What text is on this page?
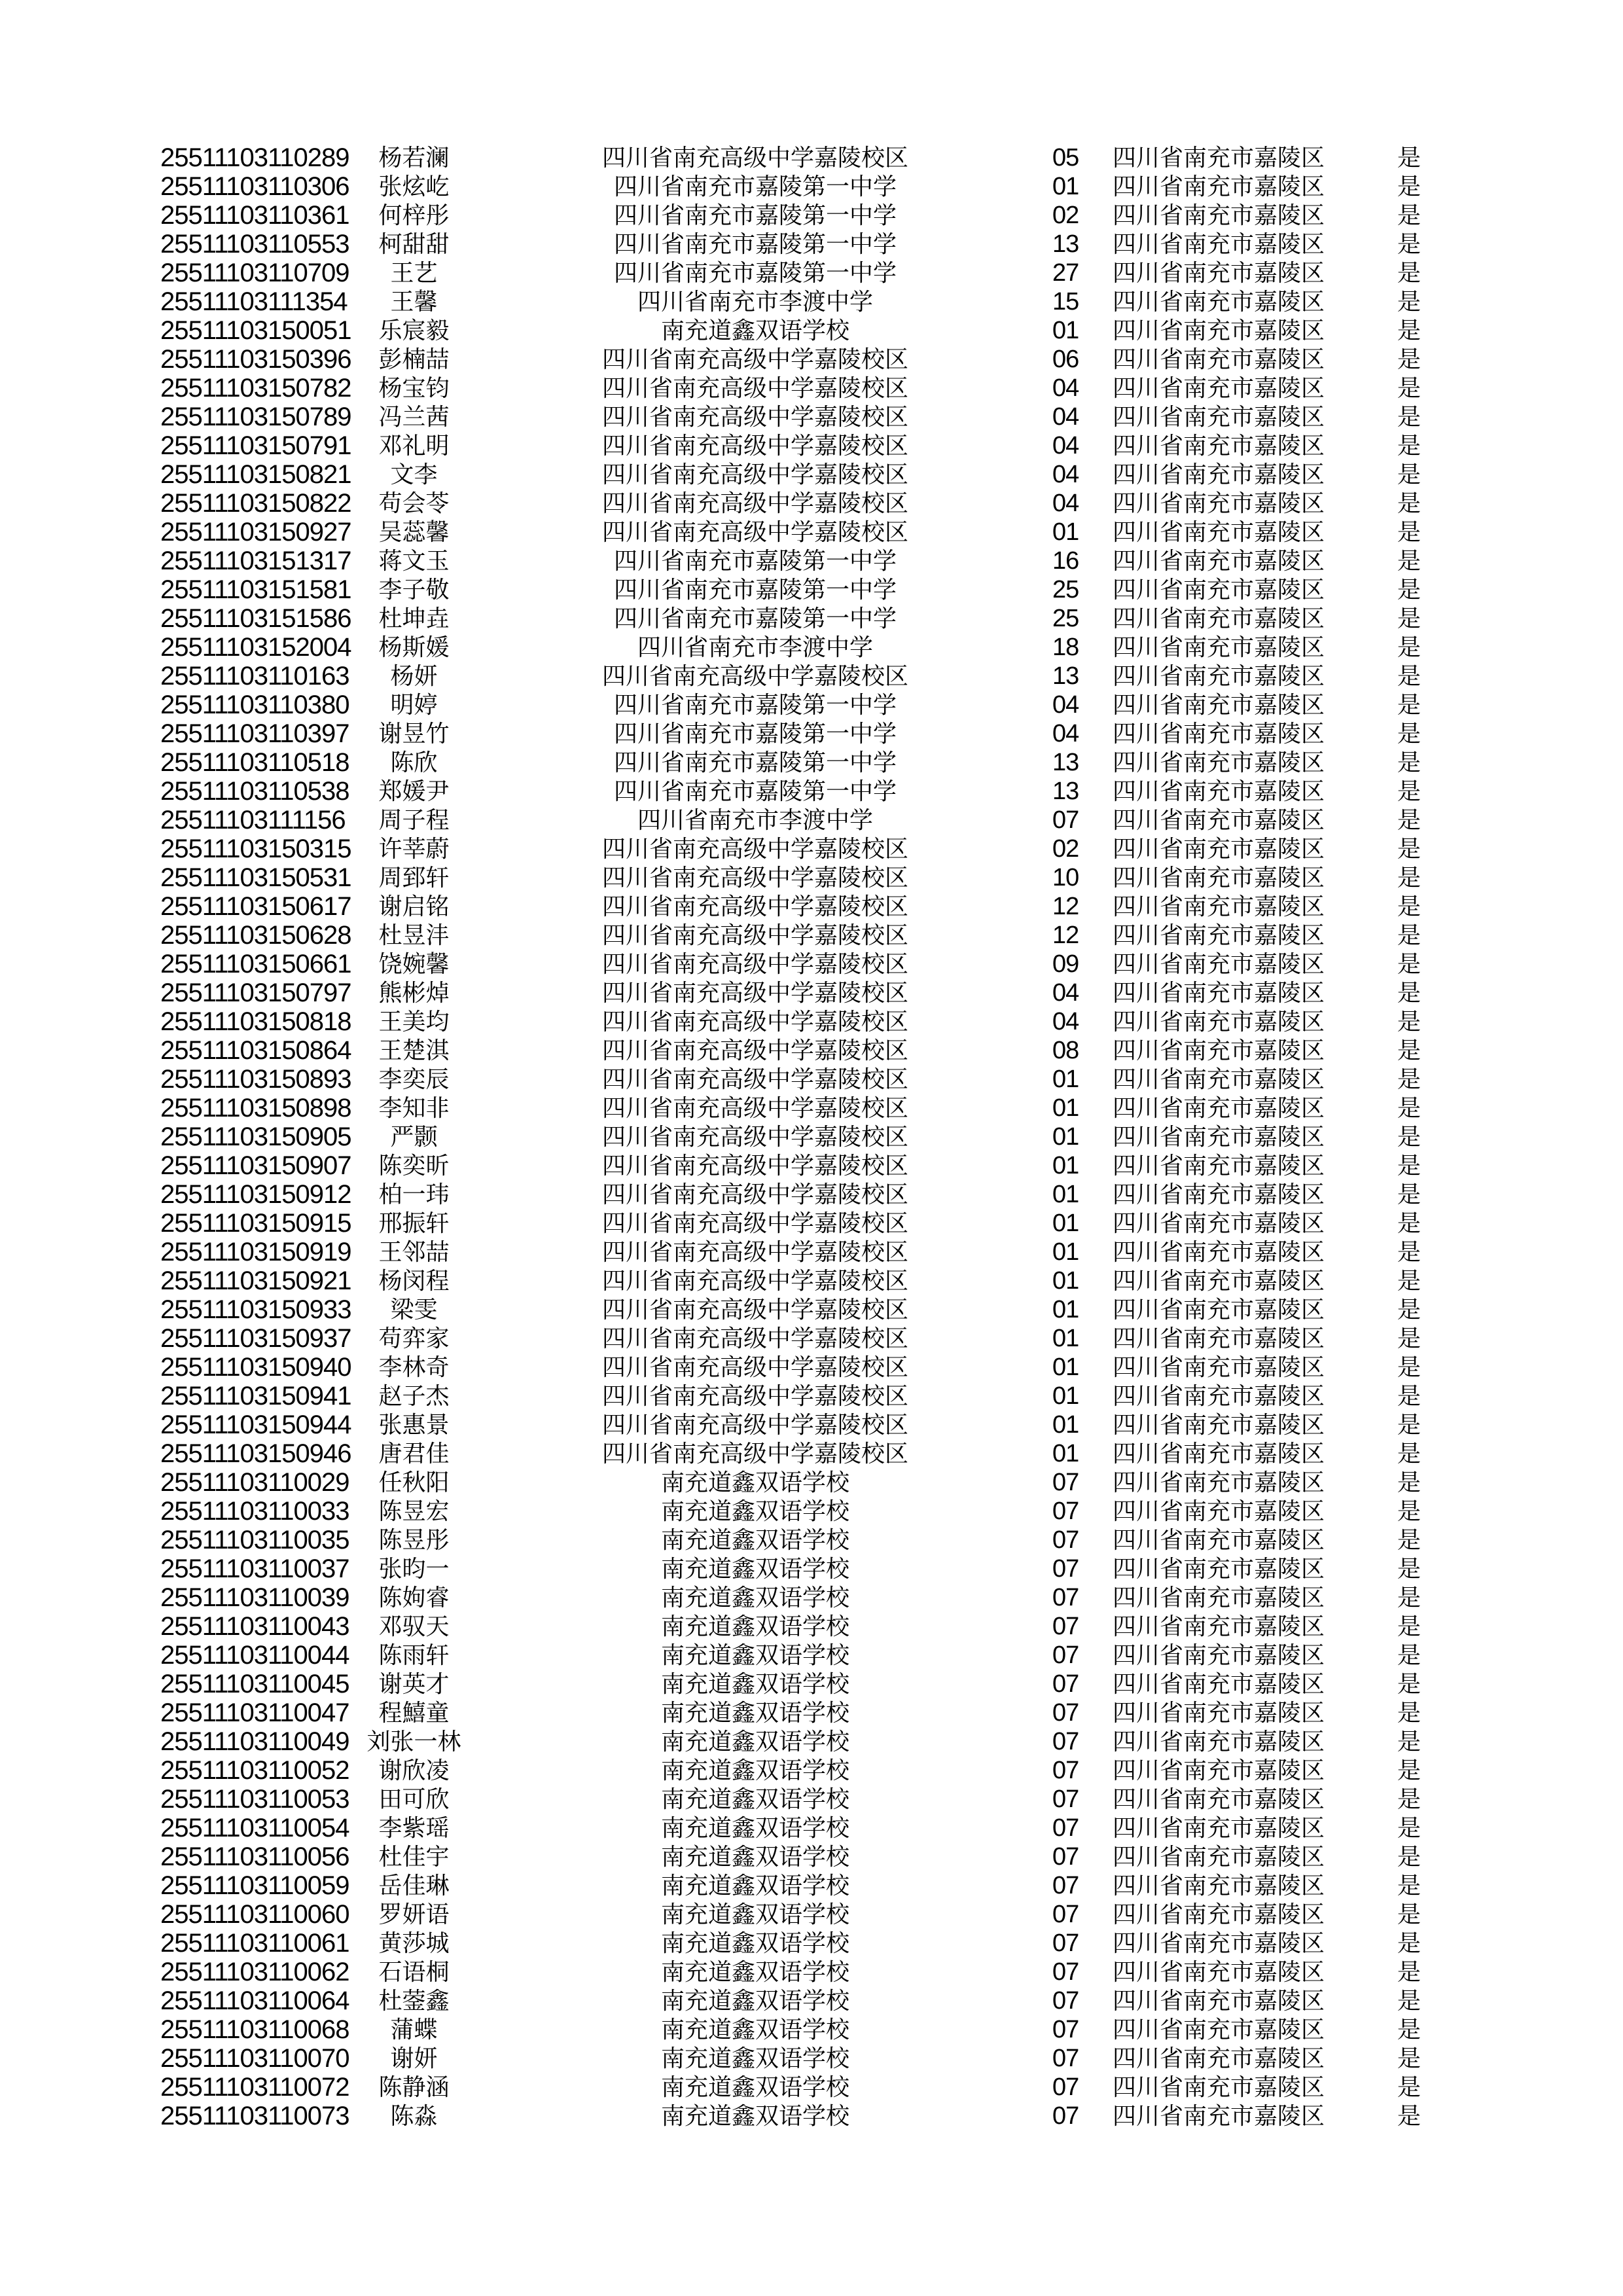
25511103110289	杨若澜	四川省南充高级中学嘉陵校区	05	四川省南充市嘉陵区	是
25511103110306	张炫屹	四川省南充市嘉陵第一中学	01	四川省南充市嘉陵区	是
25511103110361	何梓彤	四川省南充市嘉陵第一中学	02	四川省南充市嘉陵区	是
25511103110553	柯甜甜	四川省南充市嘉陵第一中学	13	四川省南充市嘉陵区	是
25511103110709	王艺	四川省南充市嘉陵第一中学	27	四川省南充市嘉陵区	是
25511103111354	王馨	四川省南充市李渡中学	15	四川省南充市嘉陵区	是
25511103150051	乐宸毅	南充道鑫双语学校	01	四川省南充市嘉陵区	是
25511103150396	彭楠喆	四川省南充高级中学嘉陵校区	06	四川省南充市嘉陵区	是
25511103150782	杨宝钧	四川省南充高级中学嘉陵校区	04	四川省南充市嘉陵区	是
25511103150789	冯兰茜	四川省南充高级中学嘉陵校区	04	四川省南充市嘉陵区	是
25511103150791	邓礼明	四川省南充高级中学嘉陵校区	04	四川省南充市嘉陵区	是
25511103150821	文李	四川省南充高级中学嘉陵校区	04	四川省南充市嘉陵区	是
25511103150822	苟会苓	四川省南充高级中学嘉陵校区	04	四川省南充市嘉陵区	是
25511103150927	吴蕊馨	四川省南充高级中学嘉陵校区	01	四川省南充市嘉陵区	是
25511103151317	蒋文玉	四川省南充市嘉陵第一中学	16	四川省南充市嘉陵区	是
25511103151581	李子敬	四川省南充市嘉陵第一中学	25	四川省南充市嘉陵区	是
25511103151586	杜坤垚	四川省南充市嘉陵第一中学	25	四川省南充市嘉陵区	是
25511103152004	杨斯媛	四川省南充市李渡中学	18	四川省南充市嘉陵区	是
25511103110163	杨妍	四川省南充高级中学嘉陵校区	13	四川省南充市嘉陵区	是
25511103110380	明婷	四川省南充市嘉陵第一中学	04	四川省南充市嘉陵区	是
25511103110397	谢昱竹	四川省南充市嘉陵第一中学	04	四川省南充市嘉陵区	是
25511103110518	陈欣	四川省南充市嘉陵第一中学	13	四川省南充市嘉陵区	是
25511103110538	郑媛尹	四川省南充市嘉陵第一中学	13	四川省南充市嘉陵区	是
25511103111156	周子程	四川省南充市李渡中学	07	四川省南充市嘉陵区	是
25511103150315	许莘蔚	四川省南充高级中学嘉陵校区	02	四川省南充市嘉陵区	是
25511103150531	周郅轩	四川省南充高级中学嘉陵校区	10	四川省南充市嘉陵区	是
25511103150617	谢启铭	四川省南充高级中学嘉陵校区	12	四川省南充市嘉陵区	是
25511103150628	杜昱沣	四川省南充高级中学嘉陵校区	12	四川省南充市嘉陵区	是
25511103150661	饶婉馨	四川省南充高级中学嘉陵校区	09	四川省南充市嘉陵区	是
25511103150797	熊彬焯	四川省南充高级中学嘉陵校区	04	四川省南充市嘉陵区	是
25511103150818	王美均	四川省南充高级中学嘉陵校区	04	四川省南充市嘉陵区	是
25511103150864	王楚淇	四川省南充高级中学嘉陵校区	08	四川省南充市嘉陵区	是
25511103150893	李奕辰	四川省南充高级中学嘉陵校区	01	四川省南充市嘉陵区	是
25511103150898	李知非	四川省南充高级中学嘉陵校区	01	四川省南充市嘉陵区	是
25511103150905	严颢	四川省南充高级中学嘉陵校区	01	四川省南充市嘉陵区	是
25511103150907	陈奕昕	四川省南充高级中学嘉陵校区	01	四川省南充市嘉陵区	是
25511103150912	柏一玮	四川省南充高级中学嘉陵校区	01	四川省南充市嘉陵区	是
25511103150915	邢振轩	四川省南充高级中学嘉陵校区	01	四川省南充市嘉陵区	是
25511103150919	王邻喆	四川省南充高级中学嘉陵校区	01	四川省南充市嘉陵区	是
25511103150921	杨闵程	四川省南充高级中学嘉陵校区	01	四川省南充市嘉陵区	是
25511103150933	梁雯	四川省南充高级中学嘉陵校区	01	四川省南充市嘉陵区	是
25511103150937	苟弈家	四川省南充高级中学嘉陵校区	01	四川省南充市嘉陵区	是
25511103150940	李林奇	四川省南充高级中学嘉陵校区	01	四川省南充市嘉陵区	是
25511103150941	赵子杰	四川省南充高级中学嘉陵校区	01	四川省南充市嘉陵区	是
25511103150944	张惠景	四川省南充高级中学嘉陵校区	01	四川省南充市嘉陵区	是
25511103150946	唐君佳	四川省南充高级中学嘉陵校区	01	四川省南充市嘉陵区	是
25511103110029	任秋阳	南充道鑫双语学校	07	四川省南充市嘉陵区	是
25511103110033	陈昱宏	南充道鑫双语学校	07	四川省南充市嘉陵区	是
25511103110035	陈昱彤	南充道鑫双语学校	07	四川省南充市嘉陵区	是
25511103110037	张昀一	南充道鑫双语学校	07	四川省南充市嘉陵区	是
25511103110039	陈姁睿	南充道鑫双语学校	07	四川省南充市嘉陵区	是
25511103110043	邓驭天	南充道鑫双语学校	07	四川省南充市嘉陵区	是
25511103110044	陈雨轩	南充道鑫双语学校	07	四川省南充市嘉陵区	是
25511103110045	谢英才	南充道鑫双语学校	07	四川省南充市嘉陵区	是
25511103110047	程鱚童	南充道鑫双语学校	07	四川省南充市嘉陵区	是
25511103110049 刘张一林	南充道鑫双语学校	07	四川省南充市嘉陵区	是
25511103110052	谢欣凌	南充道鑫双语学校	07	四川省南充市嘉陵区	是
25511103110053	田可欣	南充道鑫双语学校	07	四川省南充市嘉陵区	是
25511103110054	李紫瑶	南充道鑫双语学校	07	四川省南充市嘉陵区	是
25511103110056	杜佳宇	南充道鑫双语学校	07	四川省南充市嘉陵区	是
25511103110059	岳佳琳	南充道鑫双语学校	07	四川省南充市嘉陵区	是
25511103110060	罗妍语	南充道鑫双语学校	07	四川省南充市嘉陵区	是
25511103110061	黄莎城	南充道鑫双语学校	07	四川省南充市嘉陵区	是
25511103110062	石语桐	南充道鑫双语学校	07	四川省南充市嘉陵区	是
25511103110064	杜蓥鑫	南充道鑫双语学校	07	四川省南充市嘉陵区	是
25511103110068	蒲蝶	南充道鑫双语学校	07	四川省南充市嘉陵区	是
25511103110070	谢妍	南充道鑫双语学校	07	四川省南充市嘉陵区	是
25511103110072	陈静涵	南充道鑫双语学校	07	四川省南充市嘉陵区	是
25511103110073	陈淼	南充道鑫双语学校	07	四川省南充市嘉陵区	是
